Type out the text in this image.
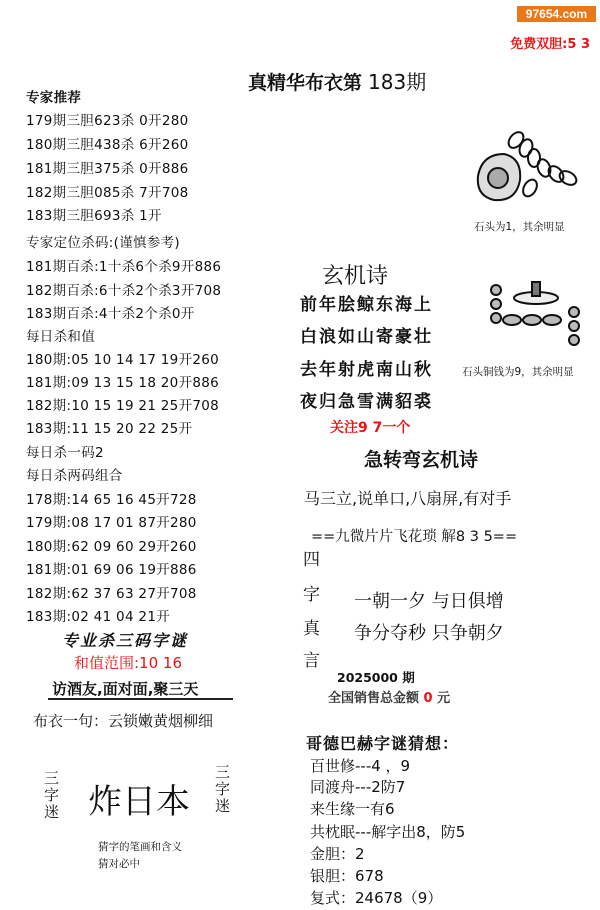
97654.com
免费双胆:5 3
真精华布衣第 183期
专家推荐
179期三胆623杀 0开280
180期三胆438杀 6开260
181期三胆375杀 0开886
182期三胆085杀 7开708
183期三胆693杀 1开
专家定位杀码:(谨慎参考)
181期百杀:1十杀6个杀9开886
182期百杀:6十杀2个杀3开708
183期百杀:4十杀2个杀0开
每日杀和值
180期:05 10 14 17 19开260
181期:09 13 15 18 20开886
182期:10 15 19 21 25开708
183期:11 15 20 22 25开
每日杀一码2
每日杀两码组合
178期:14 65 16 45开728
179期:08 17 01 87开280
180期:62 09 60 29开260
181期:01 69 06 19开886
182期:62 37 63 27开708
183期:02 41 04 21开
专业杀三码字谜
和值范围:10 16
访酒友,面对面,聚三天
布衣一句：云锁嫩黄烟柳细
三字迷 炸日本
三字迷
猜字的笔画和含义
猜对必中
石头为1，其余明显
石头铜钱为9，其余明显
玄机诗
前年脍鲸东海上
白浪如山寄豪壮
去年射虎南山秋
夜归急雪满貂裘
关注9 7一个
急转弯玄机诗
马三立,说单口,八扇屏,有对手
==九微片片飞花琐 解8 3 5==
四
字
真
言
一朝一夕 与日俱增
争分夺秒 只争朝夕
2025000 期
全国销售总金额 0 元
哥德巴赫字谜猜想：
百世修---4 ，9
同渡舟---2防7
来生缘一有6
共枕眠---解字出8，防5
金胆：2
银胆：678
复式：24678（9）
